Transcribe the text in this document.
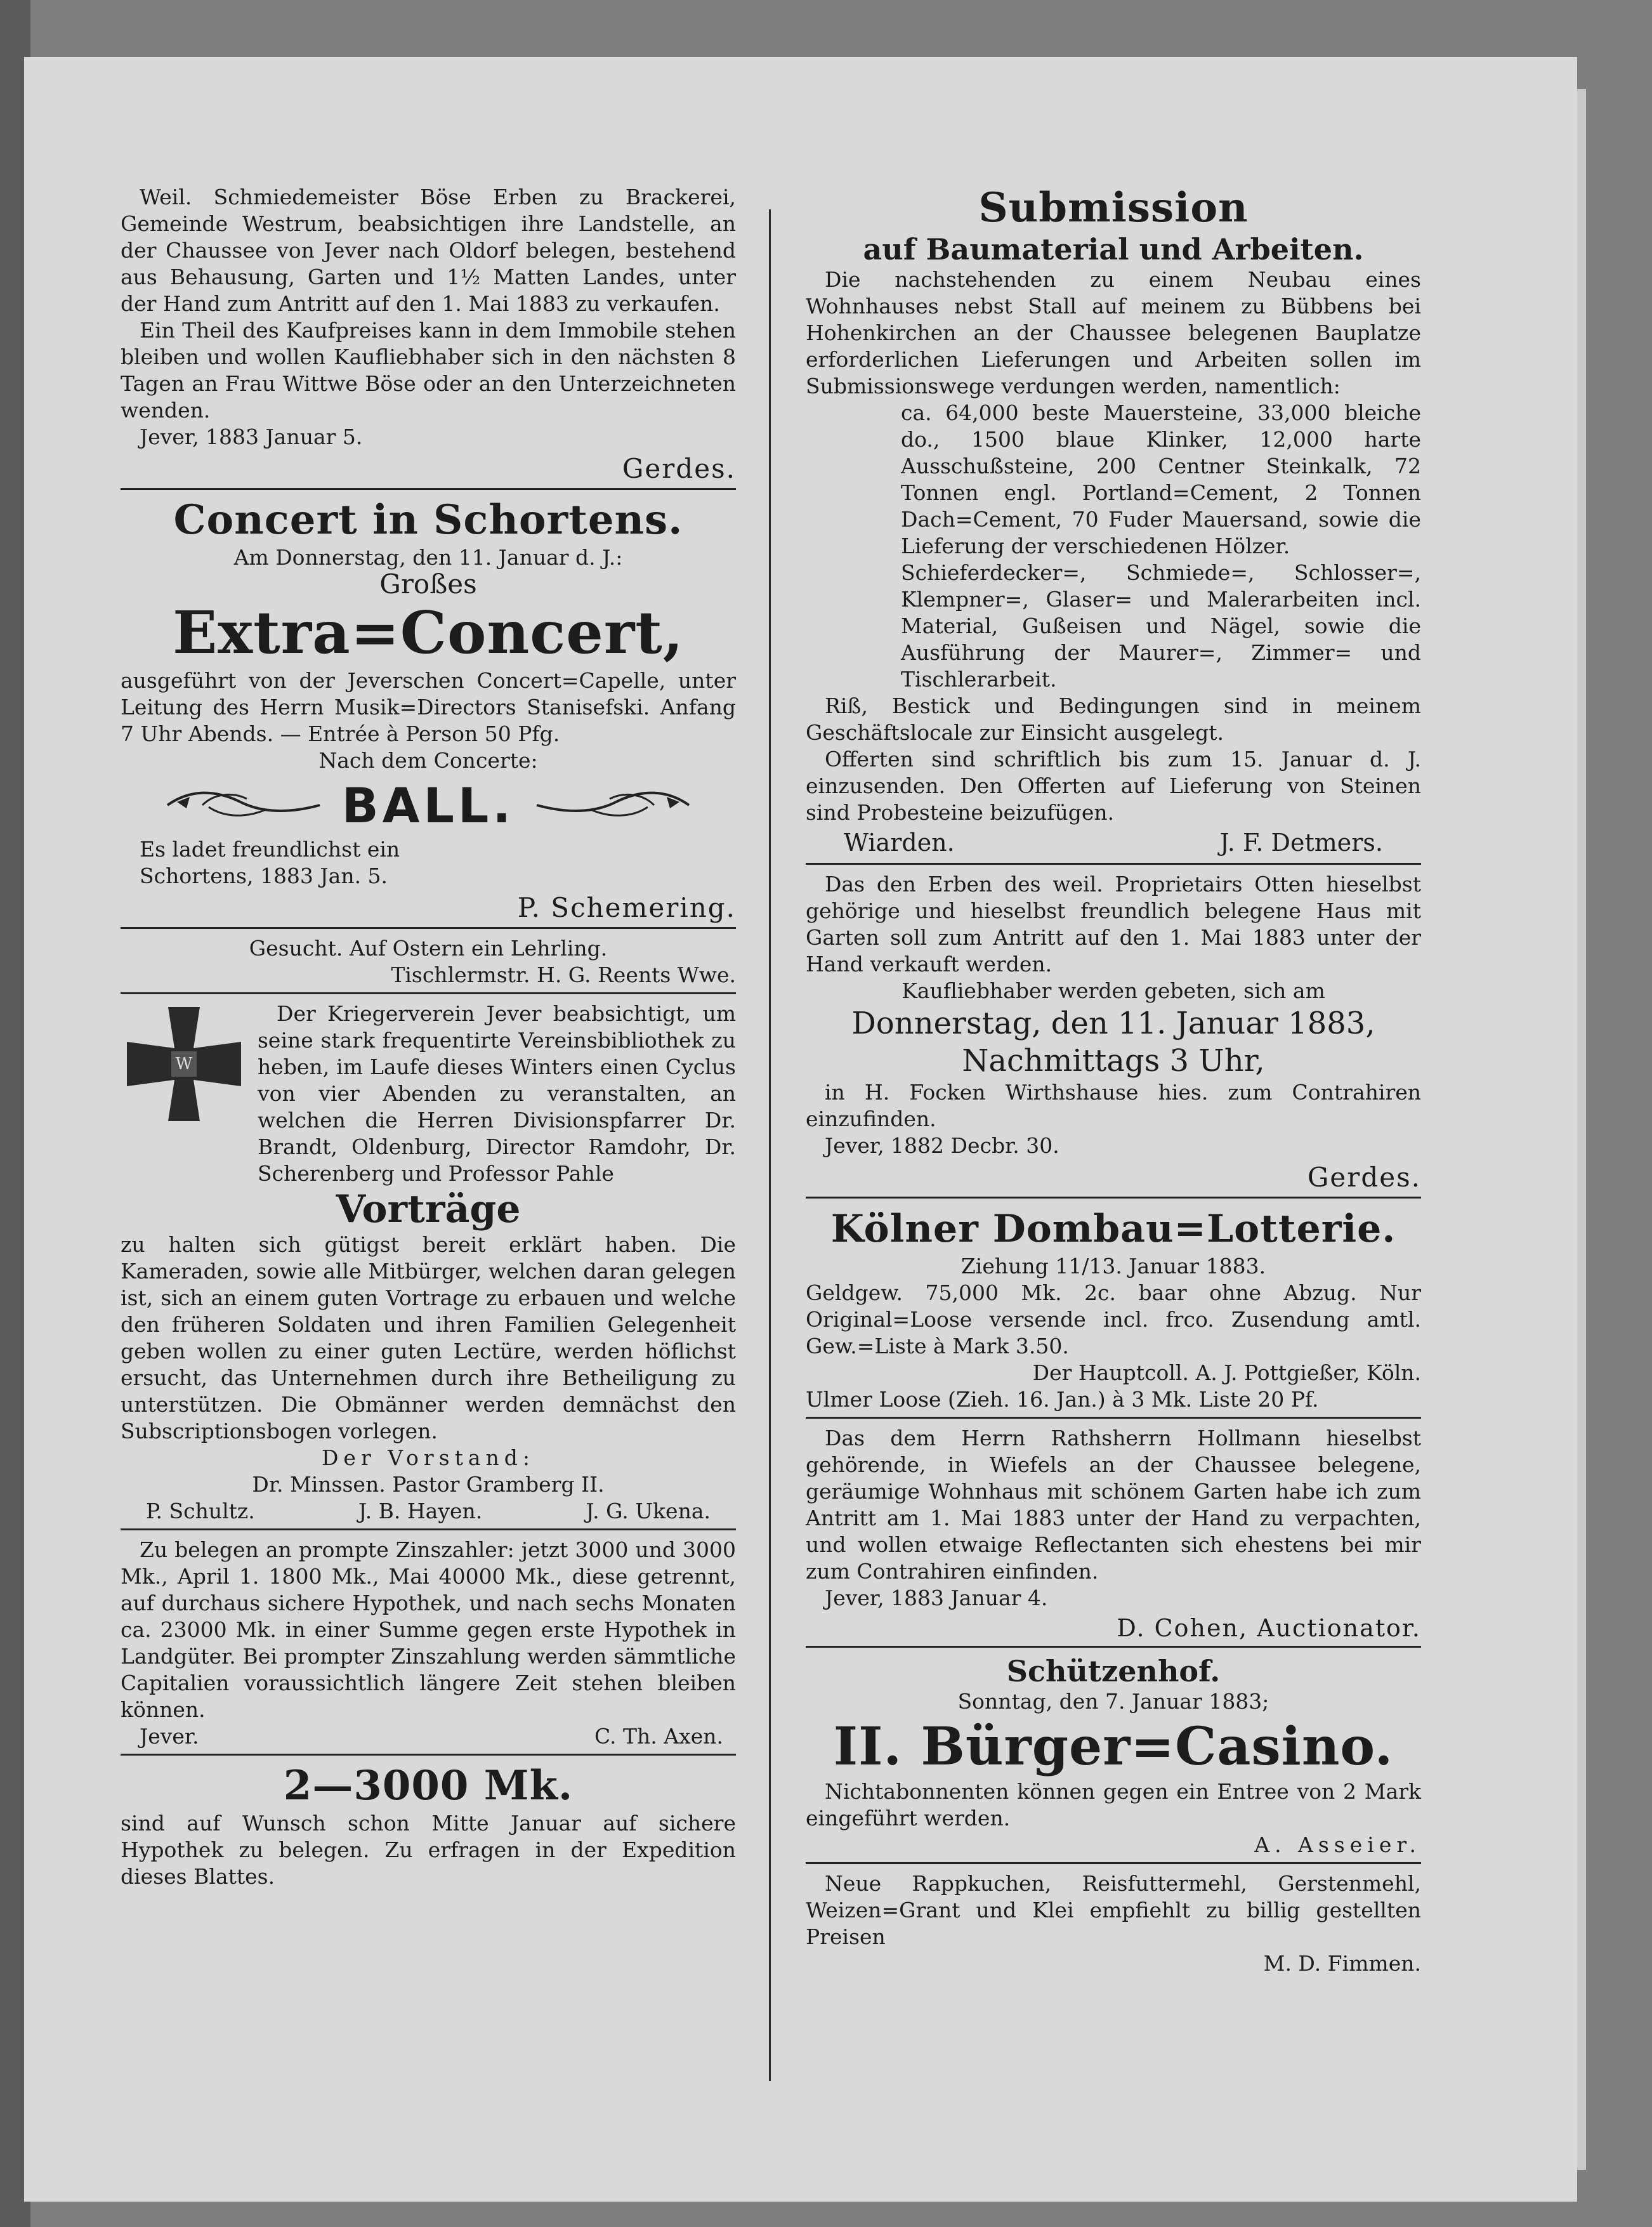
Weil. Schmiedemeister Böse Erben zu Brackerei, Gemeinde Westrum, beabsichtigen ihre Landstelle, an der Chaussee von Jever nach Oldorf belegen, bestehend aus Behausung, Garten und 1½ Matten Landes, unter der Hand zum Antritt auf den 1. Mai 1883 zu verkaufen.

Ein Theil des Kaufpreises kann in dem Immobile stehen bleiben und wollen Kaufliebhaber sich in den nächsten 8 Tagen an Frau Wittwe Böse oder an den Unterzeichneten wenden.

Jever, 1883 Januar 5.

Gerdes.
Concert in Schortens.

Am Donnerstag, den 11. Januar d. J.:

Großes

Extra=Concert,

ausgeführt von der Jeverschen Concert=Capelle, unter Leitung des Herrn Musik=Directors Stanisefski. Anfang 7 Uhr Abends. — Entrée à Person 50 Pfg.

Nach dem Concerte:

BALL.

Es ladet freundlichst ein

Schortens, 1883 Jan. 5.

P. Schemering.

Gesucht. Auf Ostern ein Lehrling.

Tischlermstr. H. G. Reents Wwe.

W

Der Kriegerverein Jever beabsichtigt, um seine stark frequentirte Vereinsbibliothek zu heben, im Laufe dieses Winters einen Cyclus von vier Abenden zu veranstalten, an welchen die Herren Divisionspfarrer Dr. Brandt, Oldenburg, Director Ramdohr, Dr. Scherenberg und Professor Pahle

Vorträge

zu halten sich gütigst bereit erklärt haben. Die Kameraden, sowie alle Mitbürger, welchen daran gelegen ist, sich an einem guten Vortrage zu erbauen und welche den früheren Soldaten und ihren Familien Gelegenheit geben wollen zu einer guten Lectüre, werden höflichst ersucht, das Unternehmen durch ihre Betheiligung zu unterstützen. Die Obmänner werden demnächst den Subscriptionsbogen vorlegen.

Der Vorstand:

Dr. Minssen. Pastor Gramberg II.

P. Schultz.	J. B. Hayen.	J. G. Ukena.

Zu belegen an prompte Zinszahler: jetzt 3000 und 3000 Mk., April 1. 1800 Mk., Mai 40000 Mk., diese getrennt, auf durchaus sichere Hypothek, und nach sechs Monaten ca. 23000 Mk. in einer Summe gegen erste Hypothek in Landgüter. Bei prompter Zinszahlung werden sämmtliche Capitalien voraussichtlich längere Zeit stehen bleiben können.

Jever.	C. Th. Axen.
2—3000 Mk.

sind auf Wunsch schon Mitte Januar auf sichere Hypothek zu belegen. Zu erfragen in der Expedition dieses Blattes.

Submission
auf Baumaterial und Arbeiten.

Die nachstehenden zu einem Neubau eines Wohnhauses nebst Stall auf meinem zu Bübbens bei Hohenkirchen an der Chaussee belegenen Bauplatze erforderlichen Lieferungen und Arbeiten sollen im Submissionswege verdungen werden, namentlich:

ca. 64,000 beste Mauersteine, 33,000 bleiche do., 1500 blaue Klinker, 12,000 harte Ausschußsteine, 200 Centner Steinkalk, 72 Tonnen engl. Portland=Cement, 2 Tonnen Dach=Cement, 70 Fuder Mauersand, sowie die Lieferung der verschiedenen Hölzer.

Schieferdecker=, Schmiede=, Schlosser=, Klempner=, Glaser= und Malerarbeiten incl. Material, Gußeisen und Nägel, sowie die Ausführung der Maurer=, Zimmer= und Tischlerarbeit.

Riß, Bestick und Bedingungen sind in meinem Geschäftslocale zur Einsicht ausgelegt.

Offerten sind schriftlich bis zum 15. Januar d. J. einzusenden. Den Offerten auf Lieferung von Steinen sind Probesteine beizufügen.

Wiarden.	J. F. Detmers.

Das den Erben des weil. Proprietairs Otten hieselbst gehörige und hieselbst freundlich belegene Haus mit Garten soll zum Antritt auf den 1. Mai 1883 unter der Hand verkauft werden.

Kaufliebhaber werden gebeten, sich am

Donnerstag, den 11. Januar 1883,

Nachmittags 3 Uhr,

in H. Focken Wirthshause hies. zum Contrahiren einzufinden.

Jever, 1882 Decbr. 30.

Gerdes.
Kölner Dombau=Lotterie.

Ziehung 11/13. Januar 1883.

Geldgew. 75,000 Mk. 2c. baar ohne Abzug. Nur Original=Loose versende incl. frco. Zusendung amtl. Gew.=Liste à Mark 3.50.

Der Hauptcoll. A. J. Pottgießer, Köln.

Ulmer Loose (Zieh. 16. Jan.) à 3 Mk. Liste 20 Pf.

Das dem Herrn Rathsherrn Hollmann hieselbst gehörende, in Wiefels an der Chaussee belegene, geräumige Wohnhaus mit schönem Garten habe ich zum Antritt am 1. Mai 1883 unter der Hand zu verpachten, und wollen etwaige Reflectanten sich ehestens bei mir zum Contrahiren einfinden.

Jever, 1883 Januar 4.

D. Cohen, Auctionator.
Schützenhof.

Sonntag, den 7. Januar 1883;

II. Bürger=Casino.

Nichtabonnenten können gegen ein Entree von 2 Mark eingeführt werden.

A. Asseier.

Neue Rappkuchen, Reisfuttermehl, Gerstenmehl, Weizen=Grant und Klei empfiehlt zu billig gestellten Preisen

M. D. Fimmen.
